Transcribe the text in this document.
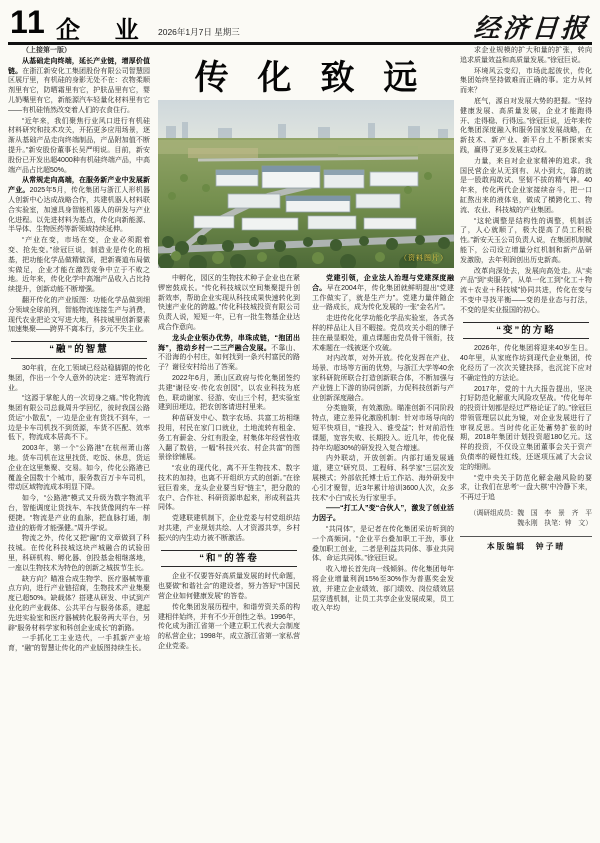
11 企 业 2026年1月7日 星期三	经济日报
传化致远
（资料图片）
（上接第一版）
从基础走向终端，延长产业链，增厚价值链。在浙江新安化工集团股份有限公司智慧园区展厅里，有机硅的身影无处不在：衣物柔顺剂里有它，防晒霜里有它，护肤品里有它，婴儿奶嘴里有它，新能源汽车轻量化材料里有它——有机硅悄然改变着人们的衣食住行。
“近年来，我们聚焦行业风口进行有机硅材料研究和技术攻关，开拓更多应用场景，逐渐从基础产品走向终端制品，产品附加值不断提升。”新安股份董事长吴严明说。目前，新安股份已开发出超4000种有机硅终端产品，中高端产品占比超50%。
从常规走向高端，在服务新产业中发展新产业。2025年5月，传化集团与浙江人形机器人创新中心达成战略合作，共建机器人材料联合实验室，加速具身智能机器人的研发与产业化进程。以先进材料为基点，传化向新能源、半导体、生物医药等新领域持续延伸。
“产业在变，市场在变，企业必须跟着变、抢先变。”徐冠巨说，制造业是传化的根基，把功能化学品做精做深，把新赛道布局做实做足，企业才能在激烈竞争中立于不败之地。近年来，传化化学中高端产品收入占比持续提升，创新动能不断增强。
翻开传化的产业版图：功能化学品做到细分领域全球前列，智能物流连接生产与消费，现代农业把论文写进大地，科技城里创新要素加速集聚——跨界不离本行，多元不失主业。
“融”的智慧
30年前，在化工领域已经站稳脚跟的传化集团，作出一个令人意外的决定：进军物流行业。
“这源于掌舵人的一次切身之痛。”传化物流集团有限公司总裁周升学回忆，彼时我国公路货运“小散乱”，一边是企业有货找不到车，一边是卡车司机找不到货源，车货不匹配、效率低下，物流成本居高不下。
2003年，第一个“公路港”在杭州萧山落地。货车司机在这里找货、吃饭、休息，货运企业在这里集聚、交易。如今，传化公路港已覆盖全国数十个城市，服务数百万卡车司机，带动区域物流成本明显下降。
如今，“公路港”模式又升级为数字物流平台，智能调度让货找车、车找货像网约车一样便捷。“物流是产业的血脉，把血脉打通，制造业的筋骨才能强健。”周升学说。
物流之外，传化又把“融”的文章做到了科技城。在传化科技城这块产城融合的试验田里，科研机构、孵化器、创投基金相继落地，一座以生物技术为特色的创新之城拔节生长。
缺方向？瞄准合成生物学、医疗器械等重点方向，进行产业链招商，生物技术产业集聚度已超50%。缺载体？搭建从研发、中试到产业化的产业载体、公共平台与服务体系，建起先进实验室和医疗器械转化服务两大平台，另辟“服务材料学家和科创企业成长”的新路。
一手抓化工主业迭代，一手抓新产业培育，“融”的智慧让传化的产业版图持续生长。
中孵化，园区的生物技术种子企业也在紧锣密鼓成长。“传化科技城以空间集聚提升创新效率，帮助企业实现从科技成果快速转化到快速产业化的跨越。”传化科技城投资有限公司负责人说，短短一年，已有一批生物基企业达成合作意向。
龙头企业领办优势，串珠成链，“抱团出海”，推动乡村一二三产融合发展。不靠山、不沿海的小村庄，如何找到一条兴村富民的路子？谢径安村给出了答案。
2022年6月，萧山区政府与传化集团签约共建“谢径安·传化农创园”，以农业科技为底色，联动谢家、径游、安山三个村，把实验室建到田埂边，把农创客请进村里来。
种苗研发中心、数字农场、共富工坊相继投用，村民在家门口就业，土地流转有租金、务工有薪金、分红有股金，村集体年经营性收入翻了数倍，一幅“科技兴农、村企共富”的图景徐徐铺展。
“农业的现代化，离不开生物技术、数字技术的加持，也离不开组织方式的创新。”在徐冠巨看来，龙头企业要当好“链主”，把分散的农户、合作社、科研资源串起来，形成利益共同体。
党建联建机制下，企业党委与村党组织结对共建，产业规划共绘、人才资源共享，乡村振兴的内生动力被不断激活。
“和”的答卷
企业不仅要答好高质量发展的时代命题，也要做“和谐社会”的建设者，努力答好“中国民营企业如何健康发展”的答卷。
传化集团发展历程中，和谐劳资关系的构建相伴始终，并有不少开创性之举。1996年，传化成为浙江省第一个建立职工代表大会制度的私营企业；1998年，成立浙江省第一家私营企业党委。
党建引领，企业法人治理与党建深度融合。早在2004年，传化集团就鲜明提出“党建工作做实了，就是生产力”。党建力量伴随企业一路成长，成为传化发展的一张“金名片”。
走进传化化学功能化学品实验室，各式各样的样品让人目不暇接。党员攻关小组的牌子挂在最显眼处，重点课题由党员骨干领衔，技术难题在一线被逐个攻破。
对内改革，对外开放。传化发挥在产业、场景、市场等方面的优势，与浙江大学等40余家科研院所联合打造创新联合体，不断加强与产业链上下游的协同创新，力促科技创新与产业创新深度融合。
分类施策，有效激励。瞄准创新不同阶段特点，建立差异化激励机制：针对市场导向的短平快项目，“谁投入、谁受益”；针对前沿性课题，宽容失败、长期投入。近几年，传化保持年均超30%的研发投入复合增速。
内外联动，开放创新。内部打通发展通道，建立“研究员、工程师、科学家”三层次发展模式；外部依托博士后工作站、海外研发中心引才聚智，近3年累计培训3600人次，众多技术“小白”成长为行家里手。
——“打工人”变“合伙人”，激发了创业活力因子。
“共同体”，是记者在传化集团采访听到的一个高频词。“企业平台叠加职工干劲，事业叠加职工创业，二者是利益共同体、事业共同体、命运共同体。”徐冠巨说。
收入增长首先向一线倾斜。传化集团每年将企业增量利润15%至30%作为普惠奖金发放，并建立企业绩效、部门绩效、岗位绩效层层穿透机制，让员工共享企业发展成果，员工收入年均
求企业规模的扩大和量的扩张，转向追求质量效益和高质量发展。”徐冠巨说。
环境风云变幻，市场此起彼伏，传化集团始终坚持做难而正确的事。定力从何而来？
底气，源自对发展大势的把握。“坚持健康发展、高质量发展，企业才能跑得开、走得稳、行得远。”徐冠巨说，近年来传化集团深度融入和服务国家发展战略，在新技术、新产业、新平台上不断探索实践，赢得了更多发展主动权。
力量，来自对企业家精神的追求。我国民营企业从无到有、从小到大，靠的就是一股敢闯敢试、坚韧不拔的精气神。40年来，传化两代企业家接续奋斗，把一口缸熬出来的液体皂，做成了横跨化工、物流、农业、科技城的产业集团。
“这轮调整是结构性的调整，机制活了，人心就顺了，极大提高了员工积极性。”新安天玉公司负责人说，在集团机制赋能下，公司设立增量分红机制和新产品研发激励，去年利润创出历史新高。
改革向深处去，发展向高处走。从“卖产品”到“卖服务”，从单一化工到“化工＋物流＋农业＋科技城”协同共进，传化在变与不变中寻找平衡——变的是业态与打法，不变的是实业报国的初心。
“变”的方略
2026年，传化集团将迎来40岁生日。40年里，从家庭作坊到现代企业集团，传化经历了一次次关键抉择，也沉淀下应对不确定性的方法论。
2017年，党的十九大报告提出，坚决打好防范化解重大风险攻坚战。“传化每年的投资计划都是经过严格论证了的。”徐冠巨带领管理层以此为镜，对企业发展进行了审视反思。当时传化正处蓄势扩张的时期，2018年集团计划投资超180亿元。这样的投资，不仅设立集团董事会关于资产负债率的硬性红线，还逐项压减了大会议定的细则。
“党中央关于防范化解金融风险的要求，让我们在思考‘一盘大棋’中冷静下来，不再过于追
（调研组成员：魏　国　李　景　齐　平　魏永刚　执笔：钟　文）
本版编辑　钟子晴
